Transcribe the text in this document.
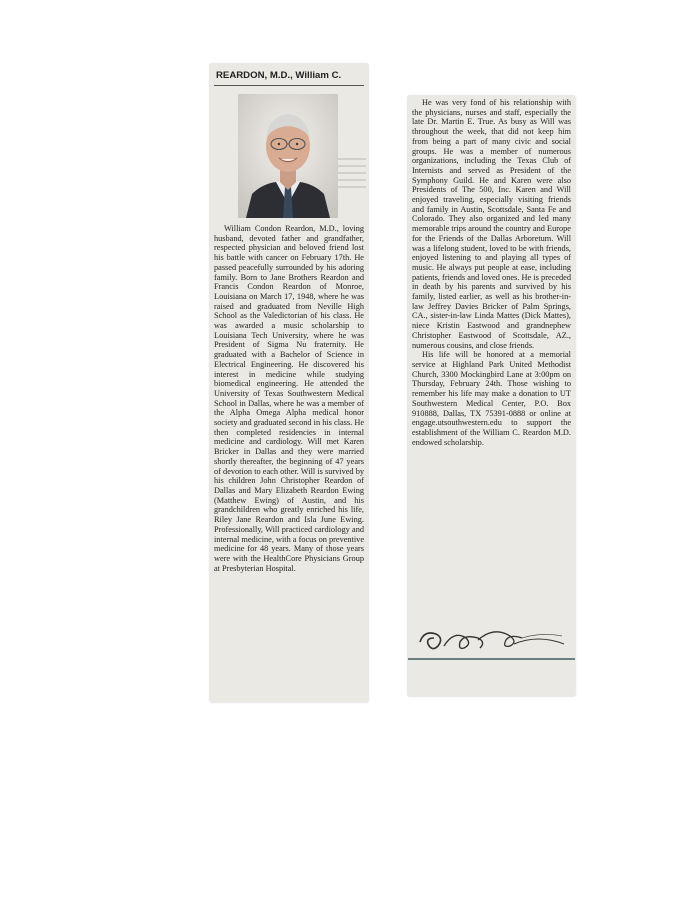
REARDON, M.D., William C.

William Condon Reardon, M.D., loving husband, devoted father and grandfather, respected physician and beloved friend lost his battle with cancer on February 17th. He passed peacefully surrounded by his adoring family. Born to Jane Brothers Reardon and Francis Condon Reardon of Monroe, Louisiana on March 17, 1948, where he was raised and graduated from Neville High School as the Valedictorian of his class. He was awarded a music scholarship to Louisiana Tech University, where he was President of Sigma Nu fraternity. He graduated with a Bachelor of Science in Electrical Engineering. He discovered his interest in medicine while studying biomedical engineering. He attended the University of Texas Southwestern Medical School in Dallas, where he was a member of the Alpha Omega Alpha medical honor society and graduated second in his class. He then completed residencies in internal medicine and cardiology. Will met Karen Bricker in Dallas and they were married shortly thereafter, the beginning of 47 years of devotion to each other. Will is survived by his children John Christopher Reardon of Dallas and Mary Elizabeth Reardon Ewing (Matthew Ewing) of Austin, and his grandchildren who greatly enriched his life, Riley Jane Reardon and Isla June Ewing. Professionally, Will practiced cardiology and internal medicine, with a focus on preventive medicine for 48 years. Many of those years were with the HealthCore Physicians Group at Presbyterian Hospital.

He was very fond of his relationship with the physicians, nurses and staff, especially the late Dr. Martin E. True. As busy as Will was throughout the week, that did not keep him from being a part of many civic and social groups. He was a member of numerous organizations, including the Texas Club of Internists and served as President of the Symphony Guild. He and Karen were also Presidents of The 500, Inc. Karen and Will enjoyed traveling, especially visiting friends and family in Austin, Scottsdale, Santa Fe and Colorado. They also organized and led many memorable trips around the country and Europe for the Friends of the Dallas Arboretum. Will was a lifelong student, loved to be with friends, enjoyed listening to and playing all types of music. He always put people at ease, including patients, friends and loved ones. He is preceded in death by his parents and survived by his family, listed earlier, as well as his brother-in-law Jeffrey Davies Bricker of Palm Springs, CA., sister-in-law Linda Mattes (Dick Mattes), niece Kristin Eastwood and grandnephew Christopher Eastwood of Scottsdale, AZ., numerous cousins, and close friends.

His life will be honored at a memorial service at Highland Park United Methodist Church, 3300 Mockingbird Lane at 3:00pm on Thursday, February 24th. Those wishing to remember his life may make a donation to UT Southwestern Medical Center, P.O. Box 910888, Dallas, TX 75391-0888 or online at engage.utsouthwestern.edu to support the establishment of the William C. Reardon M.D. endowed scholarship.
